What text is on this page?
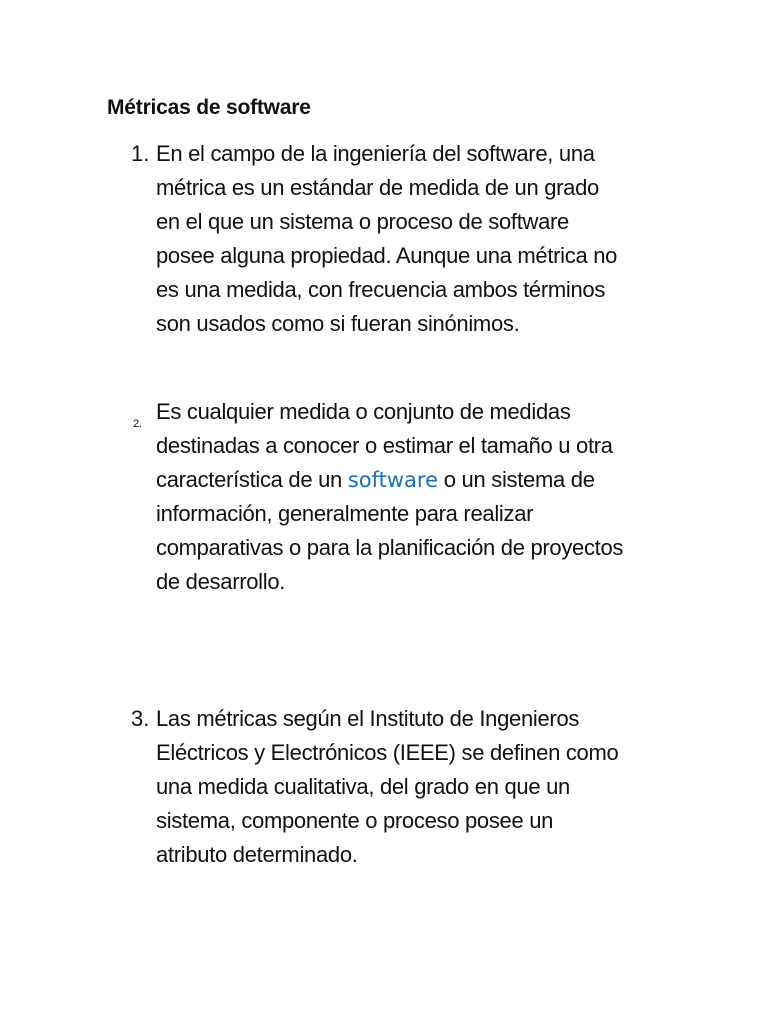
Métricas de software
1. En el campo de la ingeniería del software, una
métrica es un estándar de medida de un grado
en el que un sistema o proceso de software
posee alguna propiedad. Aunque una métrica no
es una medida, con frecuencia ambos términos
son usados como si fueran sinónimos.

2. Es cualquier medida o conjunto de medidas
destinadas a conocer o estimar el tamaño u otra
característica de un software o un sistema de
información, generalmente para realizar
comparativas o para la planificación de proyectos
de desarrollo.

3. Las métricas según el Instituto de Ingenieros
Eléctricos y Electrónicos (IEEE) se definen como
una medida cualitativa, del grado en que un
sistema, componente o proceso posee un
atributo determinado.
